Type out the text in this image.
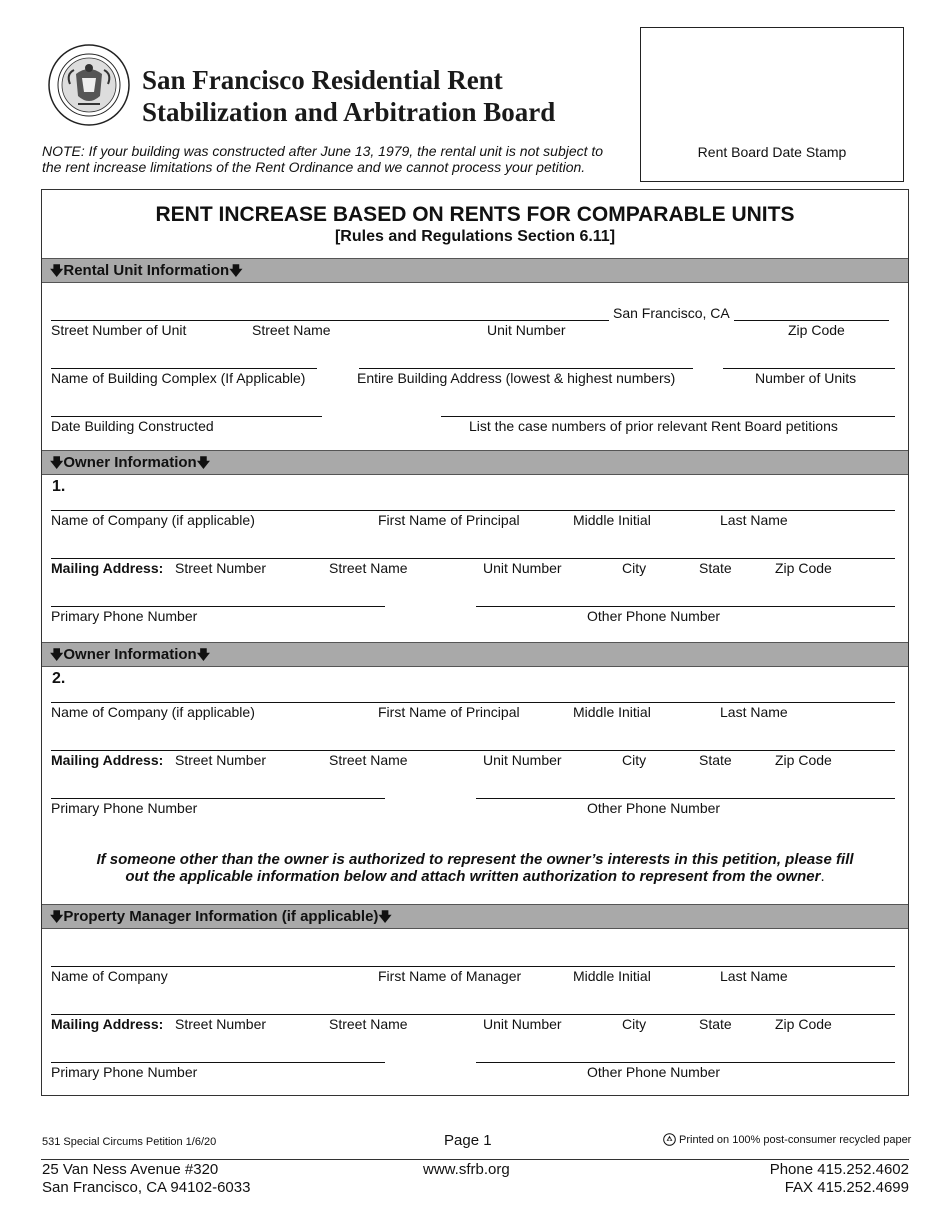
San Francisco Residential Rent
Stabilization and Arbitration Board
NOTE: If your building was constructed after June 13, 1979, the rental unit is not subject to
the rent increase limitations of the Rent Ordinance and we cannot process your petition.
Rent Board Date Stamp
RENT INCREASE BASED ON RENTS FOR COMPARABLE UNITS
[Rules and Regulations Section 6.11]
🡇Rental Unit Information🡇
San Francisco, CA
Street Number of Unit	Street Name	Unit Number	Zip Code
Name of Building Complex (If Applicable)	Entire Building Address (lowest & highest numbers)	Number of Units
Date Building Constructed	List the case numbers of prior relevant Rent Board petitions
🡇Owner Information🡇
1.
Name of Company (if applicable)	First Name of Principal	Middle Initial	Last Name
Mailing Address: Street Number	Street Name	Unit Number	City	State	Zip Code
Primary Phone Number	Other Phone Number
🡇Owner Information🡇
2.
Name of Company (if applicable)	First Name of Principal	Middle Initial	Last Name
Mailing Address: Street Number	Street Name	Unit Number	City	State	Zip Code
Primary Phone Number	Other Phone Number
If someone other than the owner is authorized to represent the owner’s interests in this petition, please fill
out the applicable information below and attach written authorization to represent from the owner.
🡇Property Manager Information (if applicable)🡇
Name of Company	First Name of Manager	Middle Initial	Last Name
Mailing Address: Street Number	Street Name	Unit Number	City	State	Zip Code
Primary Phone Number	Other Phone Number
531 Special Circums Petition 1/6/20	Page 1	Printed on 100% post-consumer recycled paper
25 Van Ness Avenue #320
San Francisco, CA 94102-6033
www.sfrb.org	Phone 415.252.4602
FAX 415.252.4699
